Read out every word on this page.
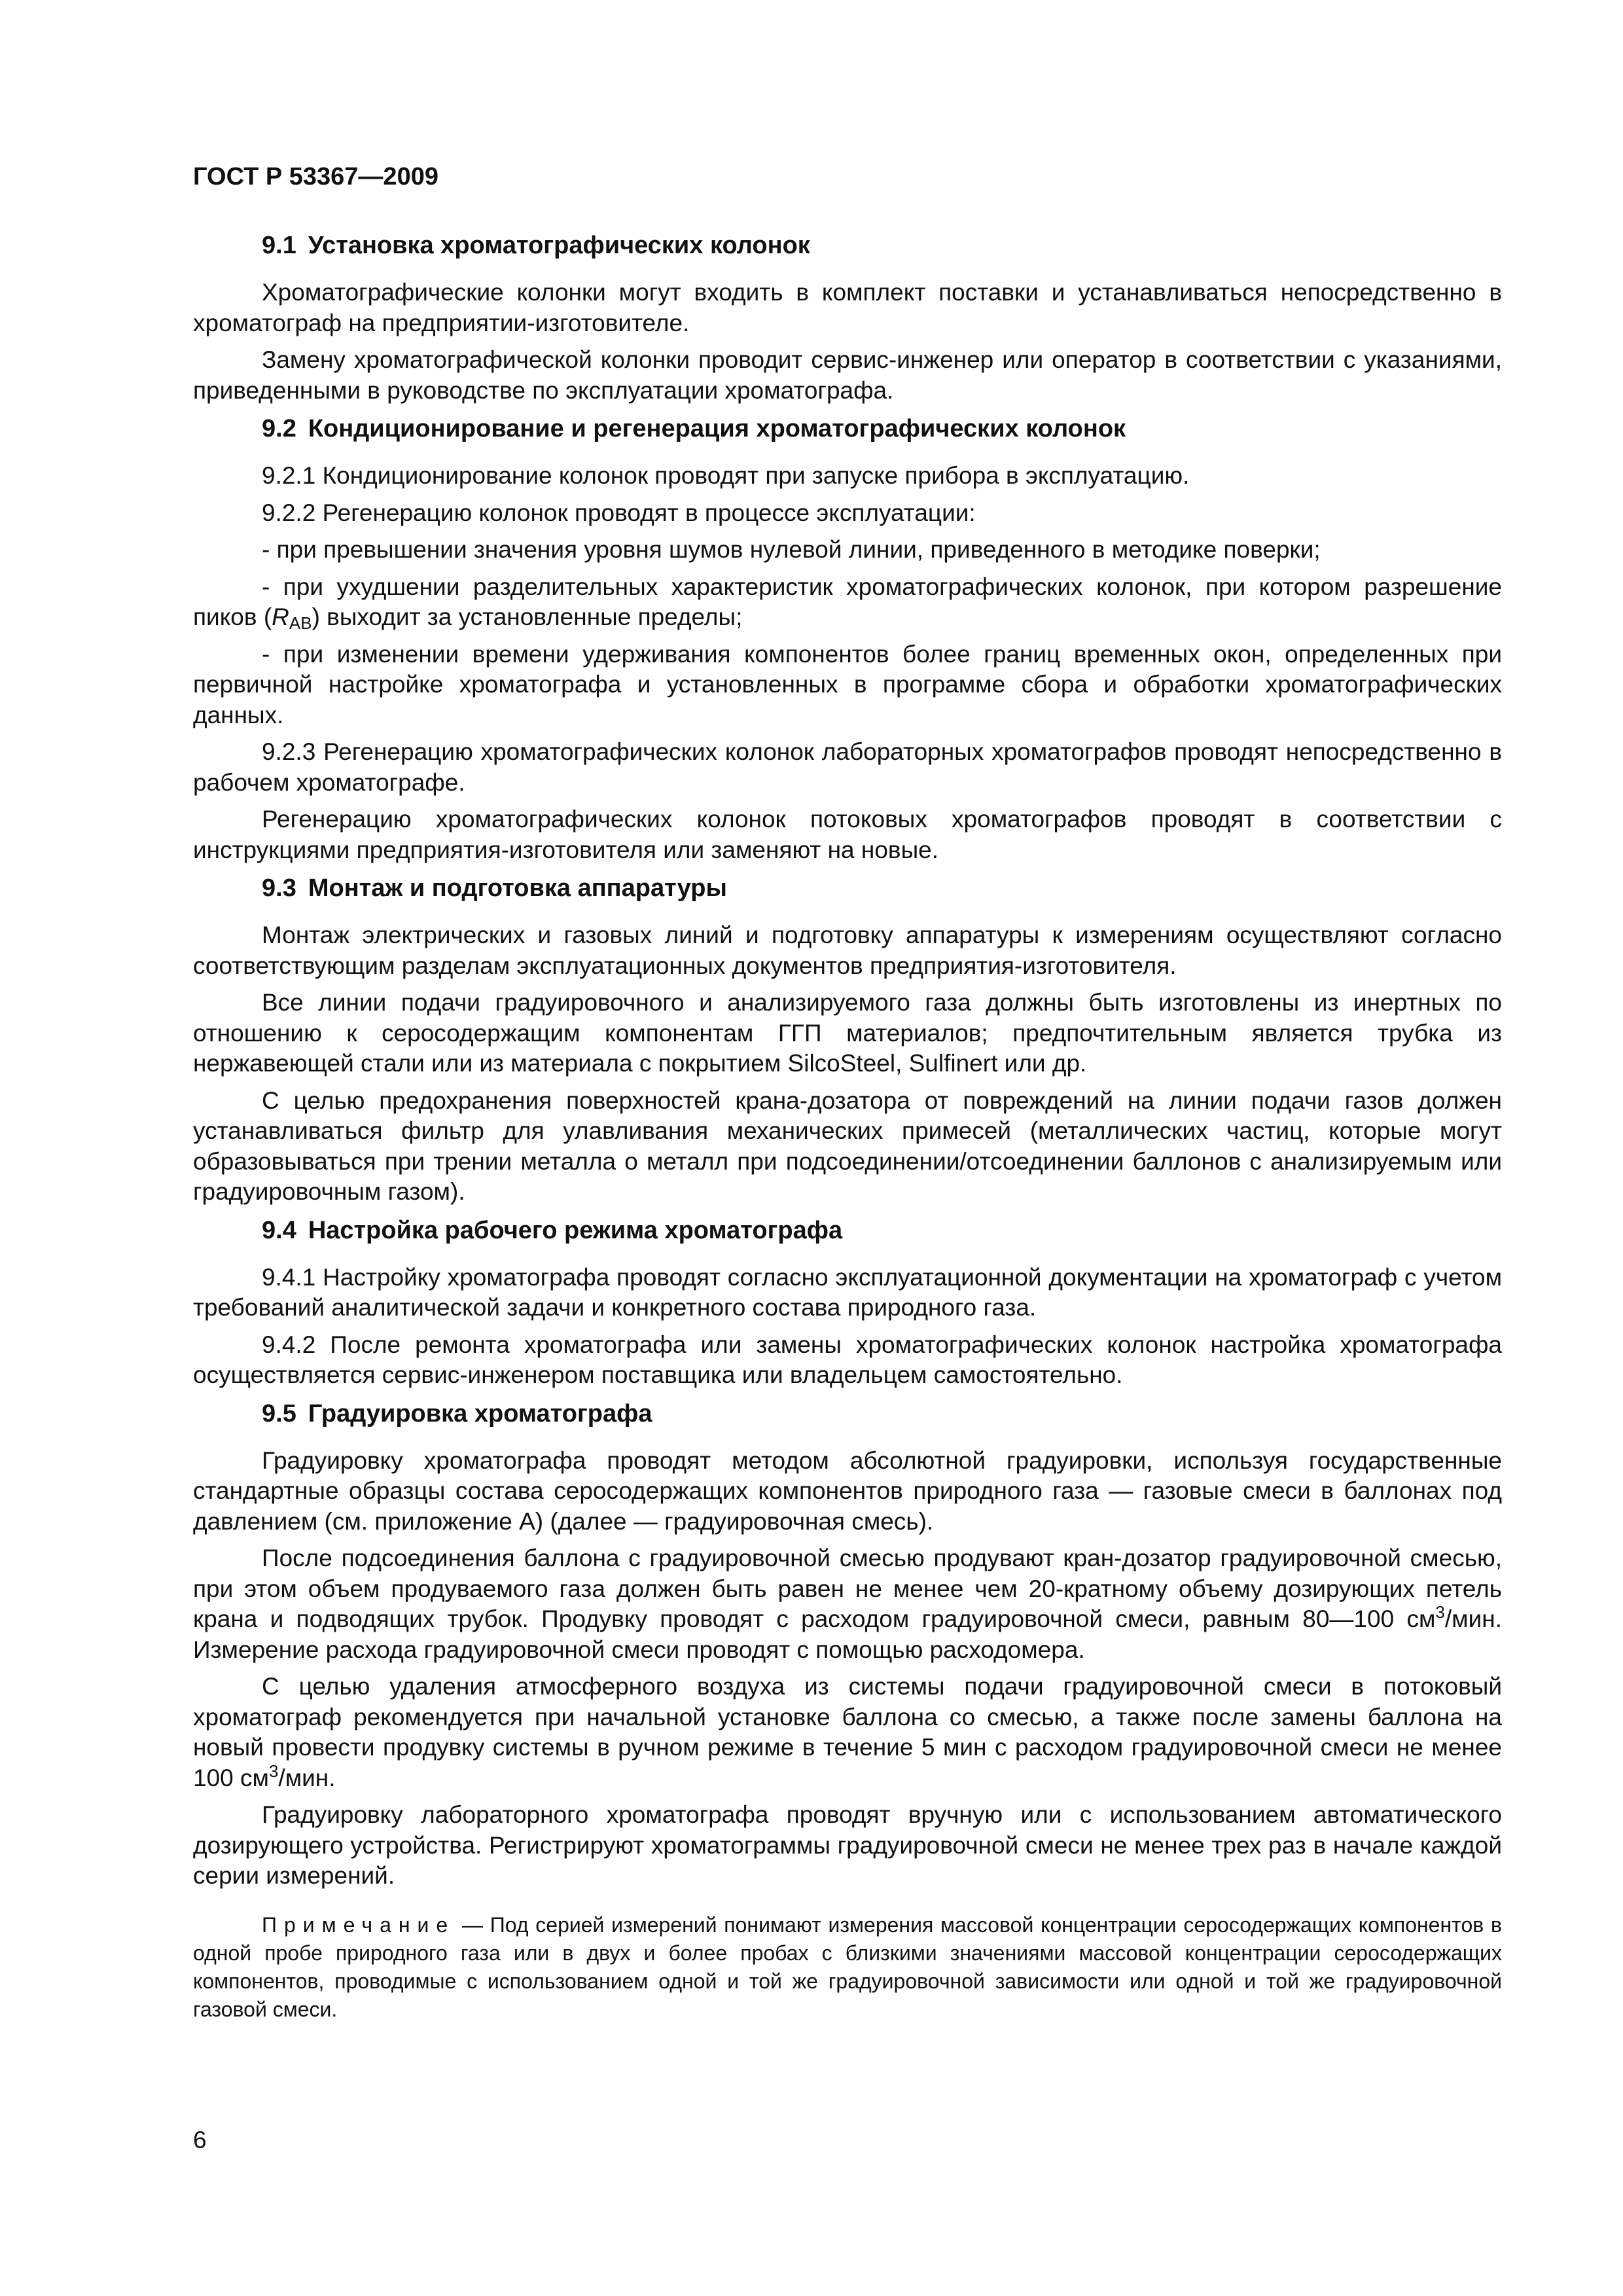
ГОСТ Р 53367—2009
9.1 Установка хроматографических колонок

Хроматографические колонки могут входить в комплект поставки и устанавливаться непосредственно в хроматограф на предприятии-изготовителе.

Замену хроматографической колонки проводит сервис-инженер или оператор в соответствии с указаниями, приведенными в руководстве по эксплуатации хроматографа.

9.2 Кондиционирование и регенерация хроматографических колонок

9.2.1 Кондиционирование колонок проводят при запуске прибора в эксплуатацию.

9.2.2 Регенерацию колонок проводят в процессе эксплуатации:

- при превышении значения уровня шумов нулевой линии, приведенного в методике поверки;

- при ухудшении разделительных характеристик хроматографических колонок, при котором разрешение пиков $(R_{AB})$ выходит за установленные пределы;

- при изменении времени удерживания компонентов более границ временных окон, определенных при первичной настройке хроматографа и установленных в программе сбора и обработки хроматографических данных.

9.2.3 Регенерацию хроматографических колонок лабораторных хроматографов проводят непосредственно в рабочем хроматографе.

Регенерацию хроматографических колонок потоковых хроматографов проводят в соответствии с инструкциями предприятия-изготовителя или заменяют на новые.

9.3 Монтаж и подготовка аппаратуры

Монтаж электрических и газовых линий и подготовку аппаратуры к измерениям осуществляют согласно соответствующим разделам эксплуатационных документов предприятия-изготовителя.

Все линии подачи градуировочного и анализируемого газа должны быть изготовлены из инертных по отношению к серосодержащим компонентам ГГП материалов; предпочтительным является трубка из нержавеющей стали или из материала с покрытием SilcoSteel, Sulfinert или др.

С целью предохранения поверхностей крана-дозатора от повреждений на линии подачи газов должен устанавливаться фильтр для улавливания механических примесей (металлических частиц, которые могут образовываться при трении металла о металл при подсоединении/отсоединении баллонов с анализируемым или градуировочным газом).

9.4 Настройка рабочего режима хроматографа

9.4.1 Настройку хроматографа проводят согласно эксплуатационной документации на хроматограф с учетом требований аналитической задачи и конкретного состава природного газа.

9.4.2 После ремонта хроматографа или замены хроматографических колонок настройка хроматографа осуществляется сервис-инженером поставщика или владельцем самостоятельно.

9.5 Градуировка хроматографа

Градуировку хроматографа проводят методом абсолютной градуировки, используя государственные стандартные образцы состава серосодержащих компонентов природного газа — газовые смеси в баллонах под давлением (см. приложение А) (далее — градуировочная смесь).

После подсоединения баллона с градуировочной смесью продувают кран-дозатор градуировочной смесью, при этом объем продуваемого газа должен быть равен не менее чем 20-кратному объему дозирующих петель крана и подводящих трубок. Продувку проводят с расходом градуировочной смеси, равным 80—100 $см^3$/мин. Измерение расхода градуировочной смеси проводят с помощью расходомера.

С целью удаления атмосферного воздуха из системы подачи градуировочной смеси в потоковый хроматограф рекомендуется при начальной установке баллона со смесью, а также после замены баллона на новый провести продувку системы в ручном режиме в течение 5 мин с расходом градуировочной смеси не менее 100 $см^3$/мин.

Градуировку лабораторного хроматографа проводят вручную или с использованием автоматического дозирующего устройства. Регистрируют хроматограммы градуировочной смеси не менее трех раз в начале каждой серии измерений.

Примечание — Под серией измерений понимают измерения массовой концентрации серосодержащих компонентов в одной пробе природного газа или в двух и более пробах с близкими значениями массовой концентрации серосодержащих компонентов, проводимые с использованием одной и той же градуировочной зависимости или одной и той же градуировочной газовой смеси.

6
